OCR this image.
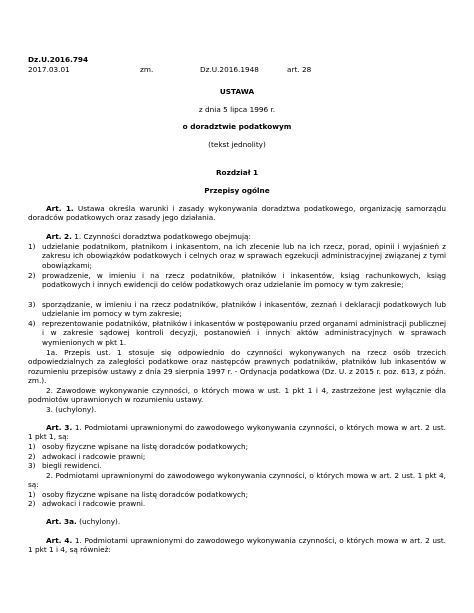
Dz.U.2016.794
2017.03.01	zm.	Dz.U.2016.1948	art. 28
USTAWA
z dnia 5 lipca 1996 r.
o doradztwie podatkowym
(tekst jednolity)
Rozdział 1
Przepisy ogólne
Art. 1. Ustawa określa warunki i zasady wykonywania doradztwa podatkowego, organizację samorządu doradców podatkowych oraz zasady jego działania.
Art. 2. 1. Czynności doradztwa podatkowego obejmują:
1) udzielanie podatnikom, płatnikom i inkasentom, na ich zlecenie lub na ich rzecz, porad, opinii i wyjaśnień z zakresu ich obowiązków podatkowych i celnych oraz w sprawach egzekucji administracyjnej związanej z tymi obowiązkami;
2) prowadzenie, w imieniu i na rzecz podatników, płatników i inkasentów, ksiąg rachunkowych, ksiąg podatkowych i innych ewidencji do celów podatkowych oraz udzielanie im pomocy w tym zakresie;
3) sporządzanie, w imieniu i na rzecz podatników, płatników i inkasentów, zeznań i deklaracji podatkowych lub udzielanie im pomocy w tym zakresie;
4) reprezentowanie podatników, płatników i inkasentów w postępowaniu przed organami administracji publicznej i w zakresie sądowej kontroli decyzji, postanowień i innych aktów administracyjnych w sprawach wymienionych w pkt 1.
1a. Przepis ust. 1 stosuje się odpowiednio do czynności wykonywanych na rzecz osób trzecich odpowiedzialnych za zaległości podatkowe oraz następców prawnych podatników, płatników lub inkasentów w rozumieniu przepisów ustawy z dnia 29 sierpnia 1997 r. - Ordynacja podatkowa (Dz. U. z 2015 r. poz. 613, z późn. zm.).
2. Zawodowe wykonywanie czynności, o których mowa w ust. 1 pkt 1 i 4, zastrzeżone jest wyłącznie dla podmiotów uprawnionych w rozumieniu ustawy.
3. (uchylony).
Art. 3. 1. Podmiotami uprawnionymi do zawodowego wykonywania czynności, o których mowa w art. 2 ust. 1 pkt 1, są:
1) osoby fizyczne wpisane na listę doradców podatkowych;
2) adwokaci i radcowie prawni;
3) biegli rewidenci.
2. Podmiotami uprawnionymi do zawodowego wykonywania czynności, o których mowa w art. 2 ust. 1 pkt 4, są:
1) osoby fizyczne wpisane na listę doradców podatkowych;
2) adwokaci i radcowie prawni.
Art. 3a. (uchylony).
Art. 4. 1. Podmiotami uprawnionymi do zawodowego wykonywania czynności, o których mowa w art. 2 ust. 1 pkt 1 i 4, są również:
